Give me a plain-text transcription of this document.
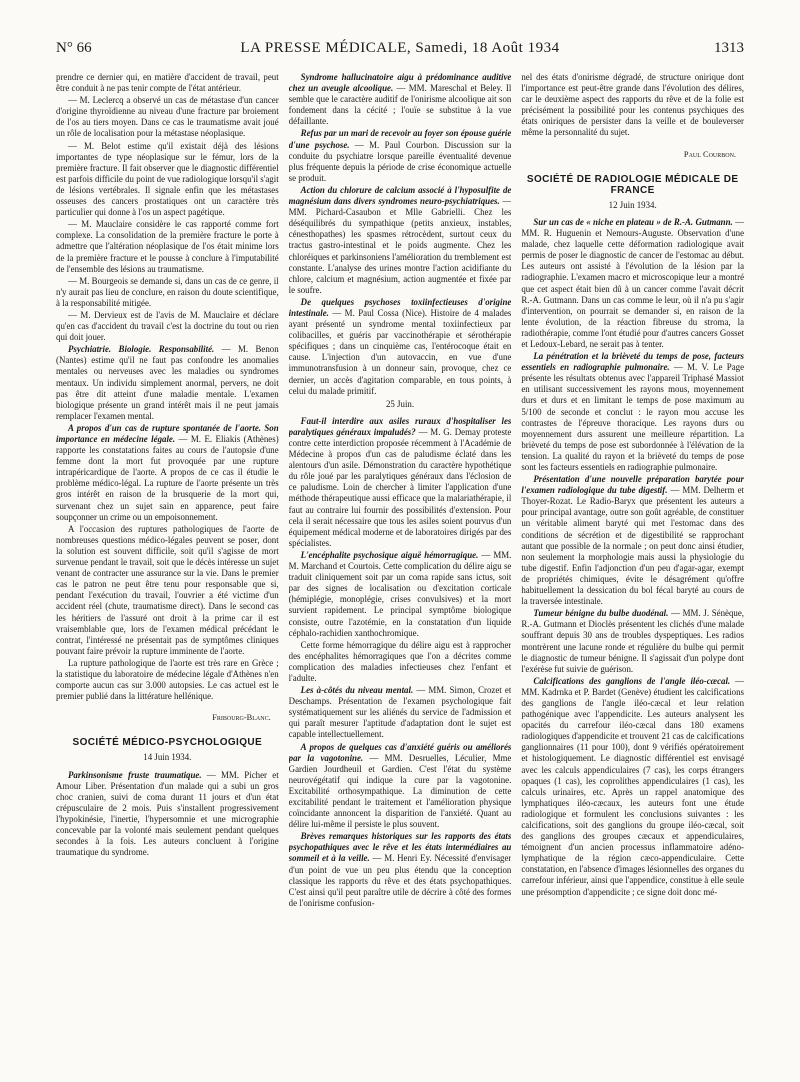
N° 66	LA PRESSE MÉDICALE, Samedi, 18 Août 1934	1313

prendre ce dernier qui, en matière d'accident de travail, peut être conduit à ne pas tenir compte de l'état antérieur.

— M. Leclercq a observé un cas de métastase d'un cancer d'origine thyroïdienne au niveau d'une fracture par broiement de l'os au tiers moyen. Dans ce cas le traumatisme avait joué un rôle de localisation pour la métastase néoplasique.

— M. Belot estime qu'il existait déjà des lésions importantes de type néoplasique sur le fémur, lors de la première fracture. Il fait observer que le diagnostic différentiel est parfois difficile du point de vue radiologique lorsqu'il s'agit de lésions vertébrales. Il signale enfin que les métastases osseuses des cancers prostatiques ont un caractère très particulier qui donne à l'os un aspect pagétique.

— M. Mauclaire considère le cas rapporté comme fort complexe. La consolidation de la première fracture le porte à admettre que l'altération néoplasique de l'os était minime lors de la première fracture et le pousse à conclure à l'imputabilité de l'ensemble des lésions au traumatisme.

— M. Bourgeois se demande si, dans un cas de ce genre, il n'y aurait pas lieu de conclure, en raison du doute scientifique, à la responsabilité mitigée.

— M. Dervieux est de l'avis de M. Mauclaire et déclare qu'en cas d'accident du travail c'est la doctrine du tout ou rien qui doit jouer.

Psychiatrie. Biologie. Responsabilité. — M. Benon (Nantes) estime qu'il ne faut pas confondre les anomalies mentales ou nerveuses avec les maladies ou syndromes mentaux. Un individu simplement anormal, pervers, ne doit pas être dit atteint d'une maladie mentale. L'examen biologique présente un grand intérêt mais il ne peut jamais remplacer l'examen mental.

A propos d'un cas de rupture spontanée de l'aorte. Son importance en médecine légale. — M. E. Eliakis (Athènes) rapporte les constatations faites au cours de l'autopsie d'une femme dont la mort fut provoquée par une rupture intrapéricardique de l'aorte. A propos de ce cas il étudie le problème médico-légal. La rupture de l'aorte présente un très gros intérêt en raison de la brusquerie de la mort qui, survenant chez un sujet sain en apparence, peut faire soupçonner un crime ou un empoisonnement.

A l'occasion des ruptures pathologiques de l'aorte de nombreuses questions médico-légales peuvent se poser, dont la solution est souvent difficile, soit qu'il s'agisse de mort survenue pendant le travail, soit que le décès intéresse un sujet venant de contracter une assurance sur la vie. Dans le premier cas le patron ne peut être tenu pour responsable que si, pendant l'exécution du travail, l'ouvrier a été victime d'un accident réel (chute, traumatisme direct). Dans le second cas les héritiers de l'assuré ont droit à la prime car il est vraisemblable que, lors de l'examen médical précédant le contrat, l'intéressé ne présentait pas de symptômes cliniques pouvant faire prévoir la rupture imminente de l'aorte.

La rupture pathologique de l'aorte est très rare en Grèce ; la statistique du laboratoire de médecine légale d'Athènes n'en comporte aucun cas sur 3.000 autopsies. Le cas actuel est le premier publié dans la littérature hellénique.

Fribourg-Blanc.
SOCIÉTÉ MÉDICO-PSYCHOLOGIQUE
14 Juin 1934.

Parkinsonisme fruste traumatique. — MM. Picher et Amour Liber. Présentation d'un malade qui a subi un gros choc cranien, suivi de coma durant 11 jours et d'un état crépusculaire de 2 mois. Puis s'installent progressivement l'hypokinésie, l'inertie, l'hypersomnie et une micrographie concevable par la volonté mais seulement pendant quelques secondes à la fois. Les auteurs concluent à l'origine traumatique du syndrome.

Syndrome hallucinatoire aigu à prédominance auditive chez un aveugle alcoolique. — MM. Mareschal et Beley. Il semble que le caractère auditif de l'onirisme alcoolique ait son fondement dans la cécité ; l'ouïe se substitue à la vue défaillante.

Refus par un mari de recevoir au foyer son épouse guérie d'une psychose. — M. Paul Courbon. Discussion sur la conduite du psychiatre lorsque pareille éventualité devenue plus fréquente depuis la période de crise économique actuelle se produit.

Action du chlorure de calcium associé à l'hyposulfite de magnésium dans divers syndromes neuro-psychiatriques. — MM. Pichard-Casaubon et Mlle Gabrielli. Chez les déséquilibrés du sympathique (petits anxieux, instables, cénesthopathes) les spasmes rétrocèdent, surtout ceux du tractus gastro-intestinal et le poids augmente. Chez les chloréiques et parkinsoniens l'amélioration du tremblement est constante. L'analyse des urines montre l'action acidifiante du chlore, calcium et magnésium, action augmentée et fixée par le soufre.

De quelques psychoses toxiinfectieuses d'origine intestinale. — M. Paul Cossa (Nice). Histoire de 4 malades ayant présenté un syndrome mental toxiinfectieux par colibacilles, et guéris par vaccinothérapie et sérothérapie spécifiques ; dans un cinquième cas, l'entérocoque était en cause. L'injection d'un autovaccin, en vue d'une immunotransfusion à un donneur sain, provoque, chez ce dernier, un accès d'agitation comparable, en tous points, à celui du malade primitif.

25 Juin.

Faut-il interdire aux asiles ruraux d'hospitaliser les paralytiques généraux impaludés? — M. G. Demay proteste contre cette interdiction proposée récemment à l'Académie de Médecine à propos d'un cas de paludisme éclaté dans les alentours d'un asile. Démonstration du caractère hypothétique du rôle joué par les paralytiques généraux dans l'éclosion de ce paludisme. Loin de chercher à limiter l'application d'une méthode thérapeutique aussi efficace que la malariathérapie, il faut au contraire lui fournir des possibilités d'extension. Pour cela il serait nécessaire que tous les asiles soient pourvus d'un équipement médical moderne et de laboratoires dirigés par des spécialistes.

L'encéphalite psychosique aiguë hémorragique. — MM. M. Marchand et Courtois. Cette complication du délire aigu se traduit cliniquement soit par un coma rapide sans ictus, soit par des signes de localisation ou d'excitation corticale (hémiplégie, monoplégie, crises convulsives) et la mort survient rapidement. Le principal symptôme biologique consiste, outre l'azotémie, en la constatation d'un liquide céphalo-rachidien xanthochromique.

Cette forme hémorragique du délire aigu est à rapprocher des encéphalites hémorragiques que l'on a décrites comme complication des maladies infectieuses chez l'enfant et l'adulte.

Les à-côtés du niveau mental. — MM. Simon, Crozet et Deschamps. Présentation de l'examen psychologique fait systématiquement sur les aliénés du service de l'admission et qui paraît mesurer l'aptitude d'adaptation dont le sujet est capable intellectuellement.

A propos de quelques cas d'anxiété guéris ou améliorés par la vagotonine. — MM. Desruelles, Léculier, Mme Gardien Jourdheuil et Gardien. C'est l'état du système neurovégétatif qui indique la cure par la vagotonine. Excitabilité orthosympathique. La diminution de cette excitabilité pendant le traitement et l'amélioration physique coïncidante annoncent la disparition de l'anxiété. Quant au délire lui-même il persiste le plus souvent.

Brèves remarques historiques sur les rapports des états psychopathiques avec le rêve et les états intermédiaires au sommeil et à la veille. — M. Henri Ey. Nécessité d'envisager d'un point de vue un peu plus étendu que la conception classique les rapports du rêve et des états psychopathiques. C'est ainsi qu'il peut paraître utile de décrire à côté des formes de l'onirisme confusion-

nel des états d'onirisme dégradé, de structure onirique dont l'importance est peut-être grande dans l'évolution des délires, car le deuxième aspect des rapports du rêve et de la folie est précisément la possibilité pour les contenus psychiques des états oniriques de persister dans la veille et de bouleverser même la personnalité du sujet.

Paul Courbon.
SOCIÉTÉ DE RADIOLOGIE MÉDICALE DE FRANCE
12 Juin 1934.

Sur un cas de « niche en plateau » de R.-A. Gutmann. — MM. R. Huguenin et Nemours-Auguste. Observation d'une malade, chez laquelle cette déformation radiologique avait permis de poser le diagnostic de cancer de l'estomac au début. Les auteurs ont assisté à l'évolution de la lésion par la radiographie. L'examen macro et microscopique leur a montré que cet aspect était bien dû à un cancer comme l'avait décrit R.-A. Gutmann. Dans un cas comme le leur, où il n'a pu s'agir d'intervention, on pourrait se demander si, en raison de la lente évolution, de la réaction fibreuse du stroma, la radiothérapie, comme l'ont étudié pour d'autres cancers Gosset et Ledoux-Lebard, ne serait pas à tenter.

La pénétration et la brièveté du temps de pose, facteurs essentiels en radiographie pulmonaire. — M. V. Le Page présente les résultats obtenus avec l'appareil Triphasé Massiot en utilisant successivement les rayons mous, moyennement durs et durs et en limitant le temps de pose maximum au 5/100 de seconde et conclut : le rayon mou accuse les contrastes de l'épreuve thoracique. Les rayons durs ou moyennement durs assurent une meilleure répartition. La brièveté du temps de pose est subordonnée à l'élévation de la tension. La qualité du rayon et la brièveté du temps de pose sont les facteurs essentiels en radiographie pulmonaire.

Présentation d'une nouvelle préparation barytée pour l'examen radiologique du tube digestif. — MM. Delherm et Thoyer-Rozat. Le Radio-Baryx que présentent les auteurs a pour principal avantage, outre son goût agréable, de constituer un véritable aliment baryté qui met l'estomac dans des conditions de sécrétion et de digestibilité se rapprochant autant que possible de la normale ; on peut donc ainsi étudier, non seulement la morphologie mais aussi la physiologie du tube digestif. Enfin l'adjonction d'un peu d'agar-agar, exempt de propriétés chimiques, évite le désagrément qu'offre habituellement la dessication du bol fécal baryté au cours de la traversée intestinale.

Tumeur bénigne du bulbe duodénal. — MM. J. Sénèque, R.-A. Gutmann et Dioclès présentent les clichés d'une malade souffrant depuis 30 ans de troubles dyspeptiques. Les radios montrèrent une lacune ronde et régulière du bulbe qui permit le diagnostic de tumeur bénigne. Il s'agissait d'un polype dont l'exérèse fut suivie de guérison.

Calcifications des ganglions de l'angle iléo-cæcal. — MM. Kadrnka et P. Bardet (Genève) étudient les calcifications des ganglions de l'angle iléo-cæcal et leur relation pathogénique avec l'appendicite. Les auteurs analysent les opacités du carrefour iléo-cæcal dans 180 examens radiologiques d'appendicite et trouvent 21 cas de calcifications ganglionnaires (11 pour 100), dont 9 vérifiés opératoirement et histologiquement. Le diagnostic différentiel est envisagé avec les calculs appendiculaires (7 cas), les corps étrangers opaques (1 cas), les coprolithes appendiculaires (1 cas), les calculs urinaires, etc. Après un rappel anatomique des lymphatiques iléo-cæcaux, les auteurs font une étude radiologique et formulent les conclusions suivantes : les calcifications, soit des ganglions du groupe iléo-cæcal, soit des ganglions des groupes cæcaux et appendiculaires, témoignent d'un ancien processus inflammatoire adéno-lymphatique de la région cæco-appendiculaire. Cette constatation, en l'absence d'images lésionnelles des organes du carrefour inférieur, ainsi que l'appendice, constitue à elle seule une présomption d'appendicite ; ce signe doit donc mé-
